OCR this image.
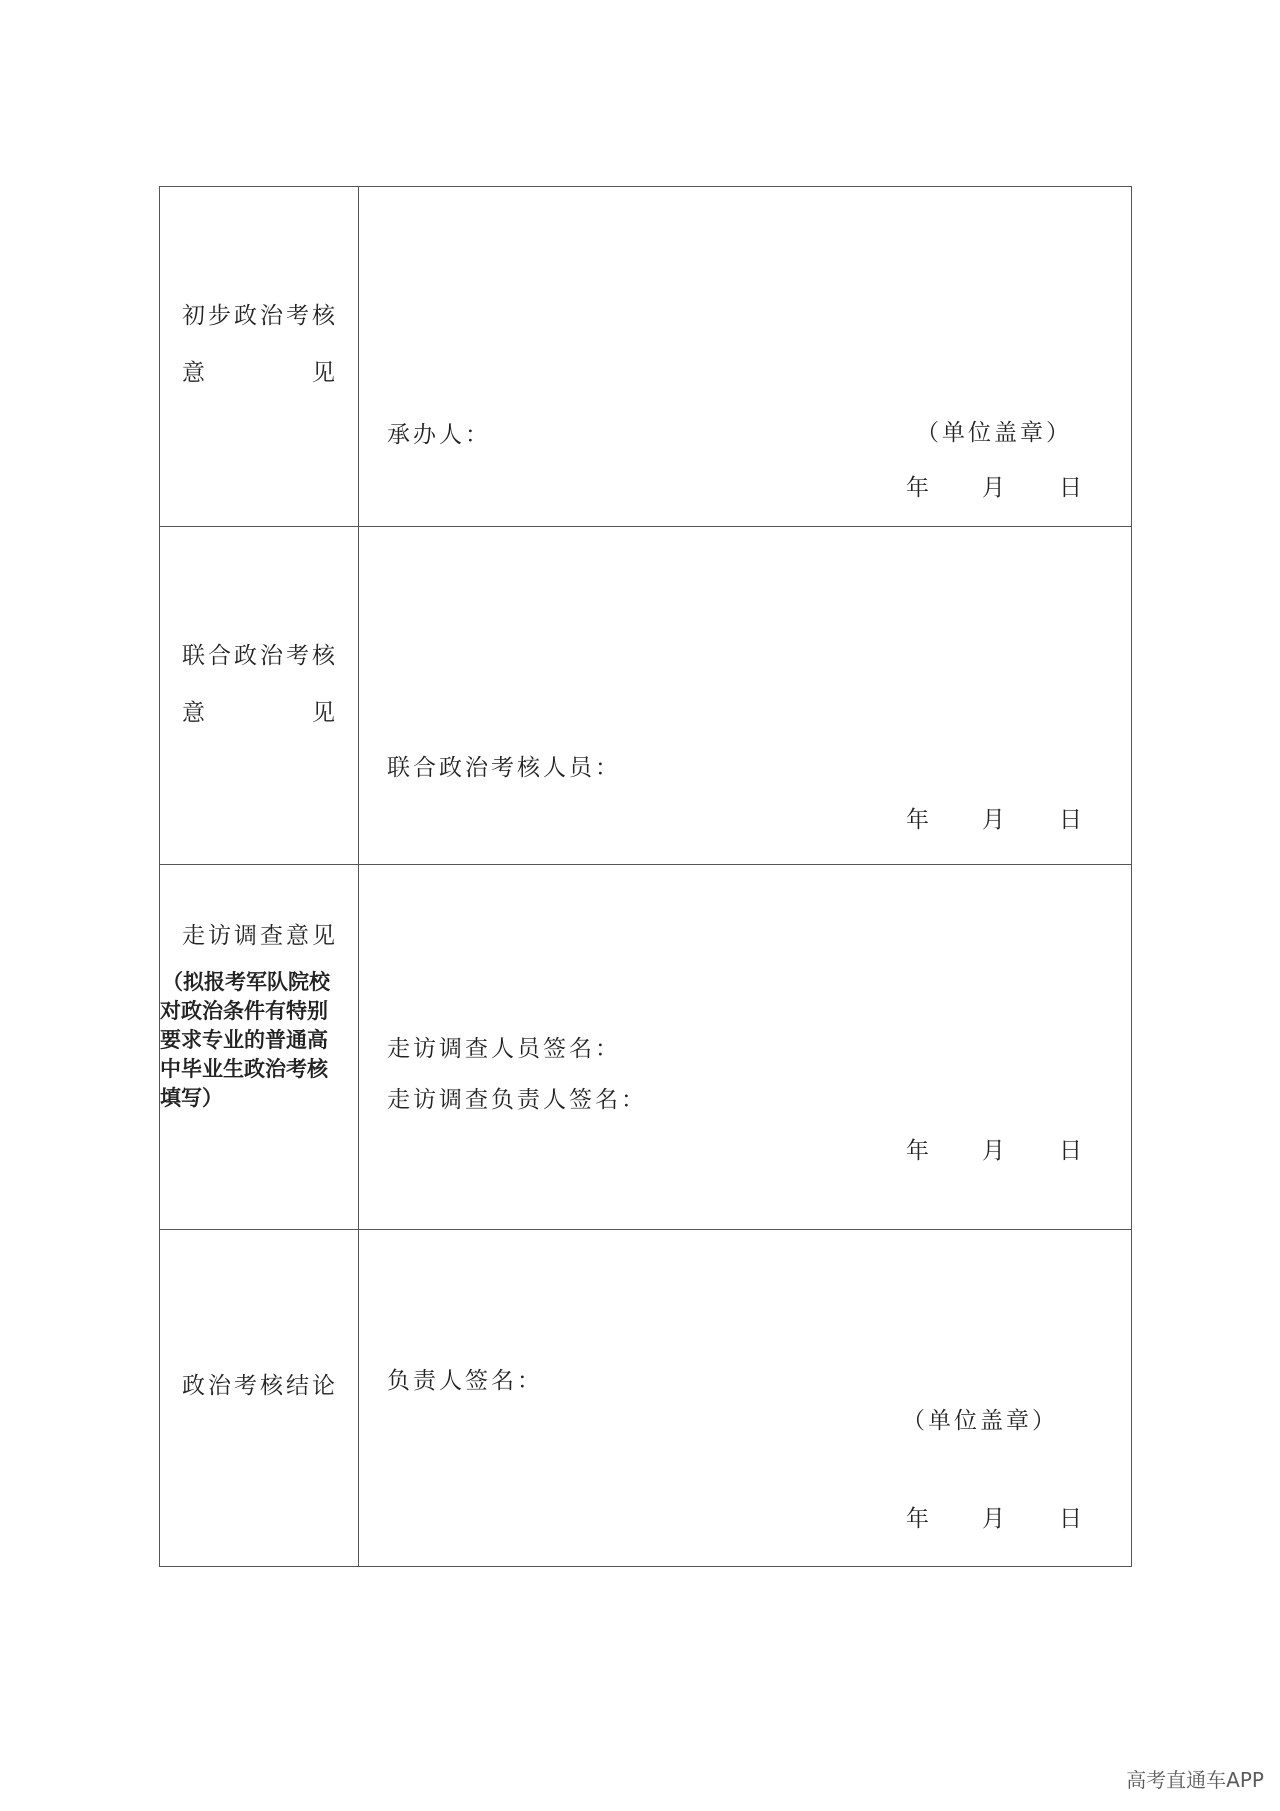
初步政治考核
意	见
承办人：	（单位盖章）
年 月 日
联合政治考核
意	见
联合政治考核人员：
年 月 日
走访调查意见
（拟报考军队院校
对政治条件有特别
要求专业的普通高
中毕业生政治考核
填写）
走访调查人员签名：
走访调查负责人签名：
年 月 日
政治考核结论 负责人签名：
（单位盖章）
年 月 日
高考直通车APP
